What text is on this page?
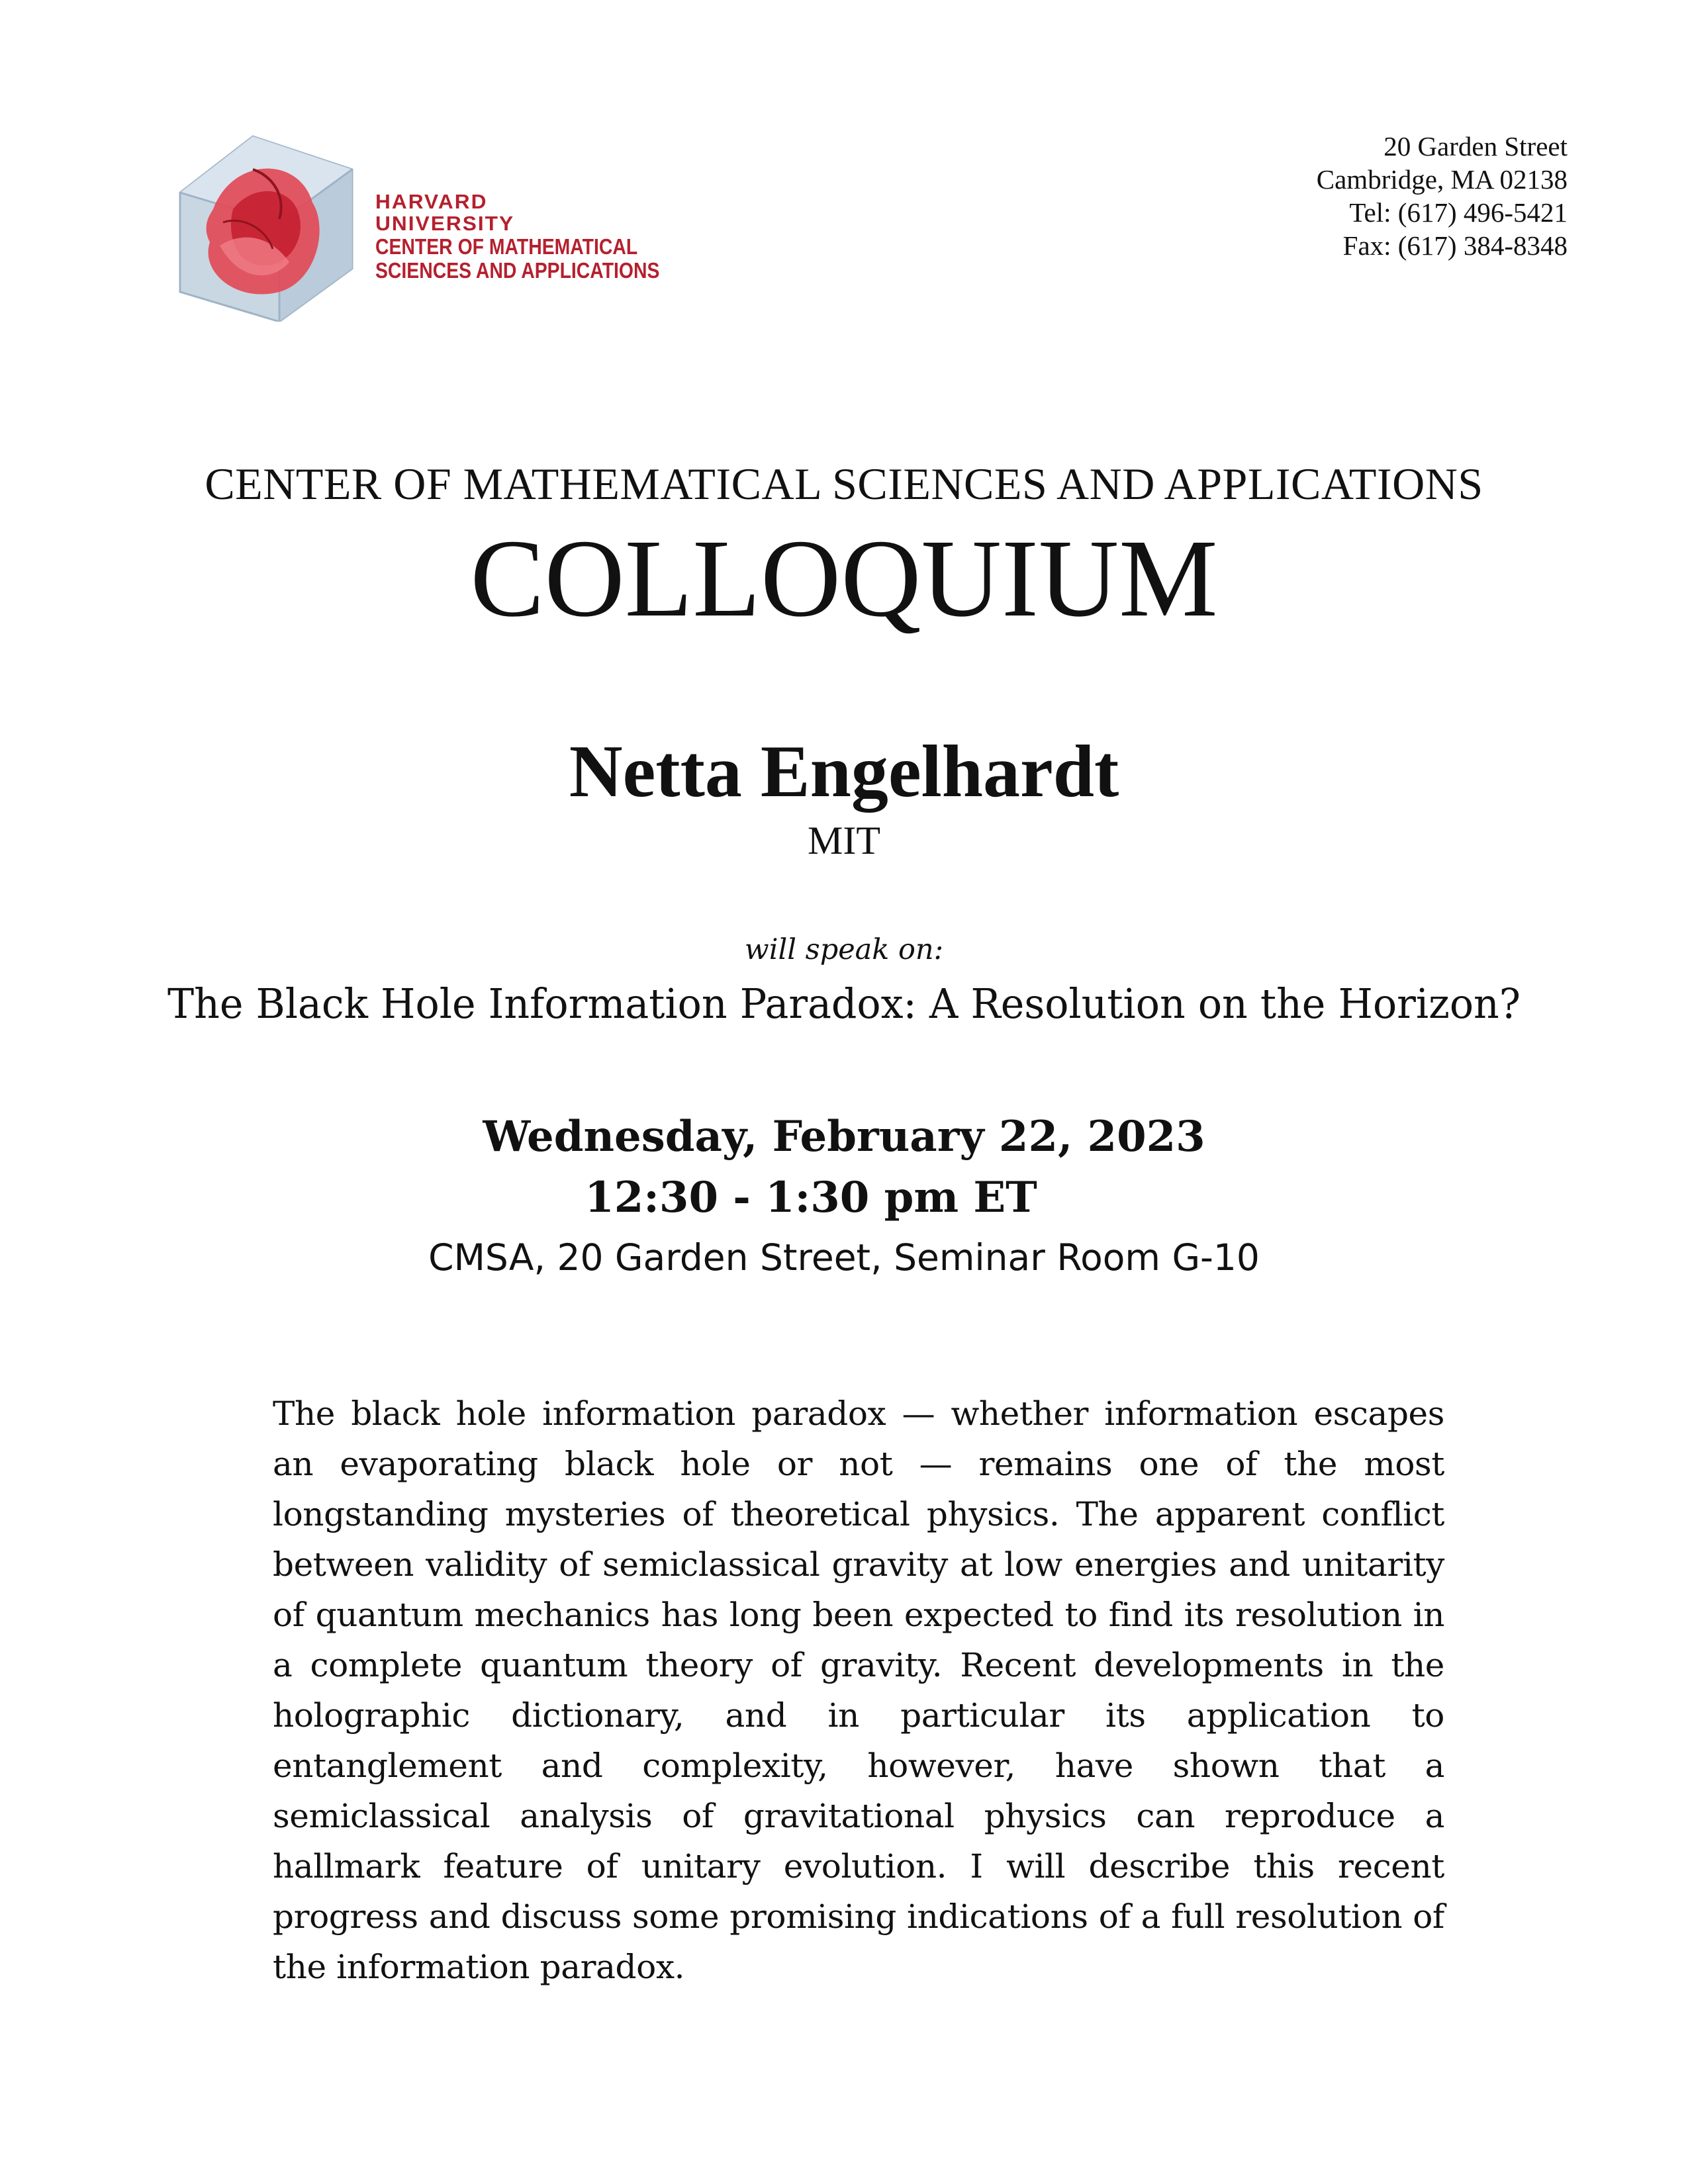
HARVARD UNIVERSITY
CENTER OF MATHEMATICAL
SCIENCES AND APPLICATIONS
20 Garden Street
Cambridge, MA 02138
Tel: (617) 496-5421
Fax: (617) 384-8348
CENTER OF MATHEMATICAL SCIENCES AND APPLICATIONS
COLLOQUIUM
Netta Engelhardt
MIT
will speak on:
The Black Hole Information Paradox: A Resolution on the Horizon?
Wednesday, February 22, 2023
12:30 - 1:30 pm ET
CMSA, 20 Garden Street, Seminar Room G-10
The black hole information paradox — whether information escapes an evaporating black hole or not — remains one of the most longstanding mysteries of theoretical physics. The apparent conflict between validity of semiclassical gravity at low energies and unitarity of quantum mechanics has long been expected to find its resolution in a complete quantum theory of gravity. Recent developments in the holographic dictionary, and in particular its application to entanglement and complexity, however, have shown that a semiclassical analysis of gravitational physics can reproduce a hallmark feature of unitary evolution. I will describe this recent progress and discuss some promising indications of a full resolution of the information paradox.
